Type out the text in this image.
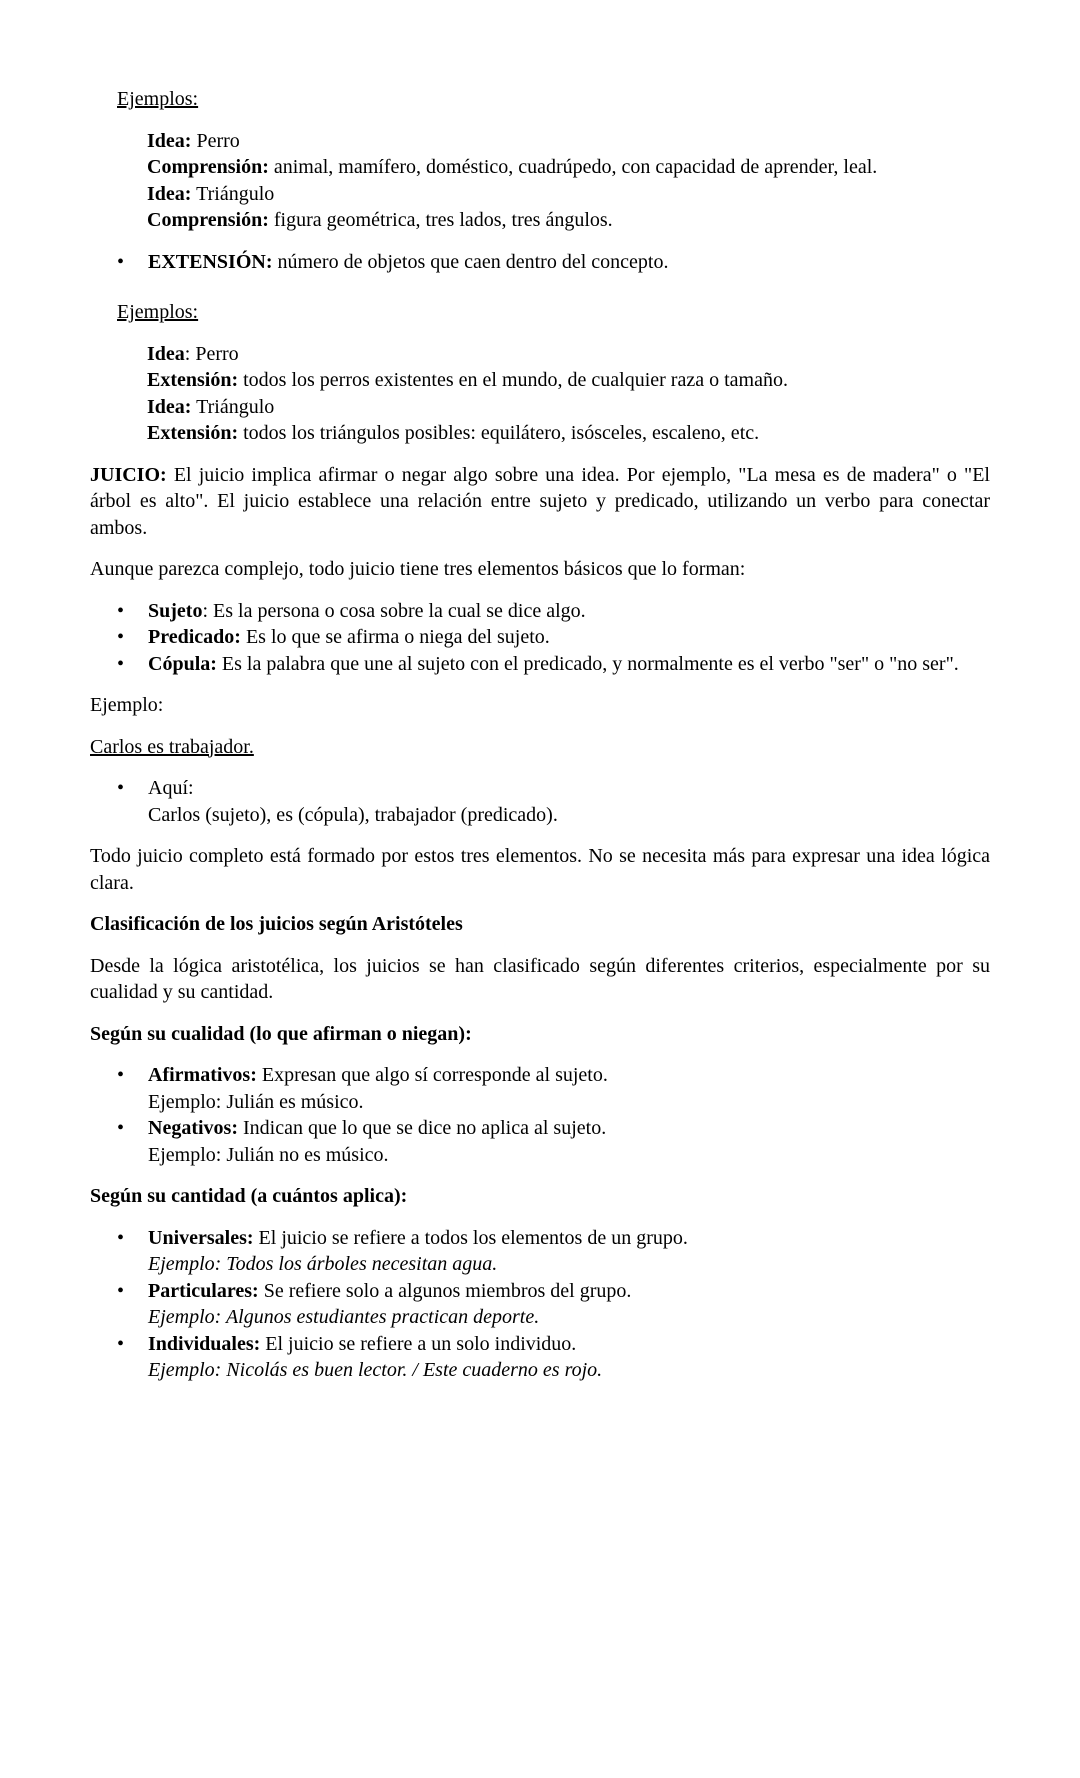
Ejemplos:

Idea: Perro

Comprensión: animal, mamífero, doméstico, cuadrúpedo, con capacidad de aprender, leal.

Idea: Triángulo

Comprensión: figura geométrica, tres lados, tres ángulos.

•	EXTENSIÓN: número de objetos que caen dentro del concepto.

Ejemplos:

Idea: Perro

Extensión: todos los perros existentes en el mundo, de cualquier raza o tamaño.

Idea: Triángulo

Extensión: todos los triángulos posibles: equilátero, isósceles, escaleno, etc.

JUICIO: El juicio implica afirmar o negar algo sobre una idea. Por ejemplo, "La mesa es de madera" o "El árbol es alto". El juicio establece una relación entre sujeto y predicado, utilizando un verbo para conectar ambos.

Aunque parezca complejo, todo juicio tiene tres elementos básicos que lo forman:

•	Sujeto: Es la persona o cosa sobre la cual se dice algo.

•	Predicado: Es lo que se afirma o niega del sujeto.

•	Cópula: Es la palabra que une al sujeto con el predicado, y normalmente es el verbo "ser" o "no ser".

Ejemplo:

Carlos es trabajador.

•	Aquí:

Carlos (sujeto), es (cópula), trabajador (predicado).

Todo juicio completo está formado por estos tres elementos. No se necesita más para expresar una idea lógica clara.

Clasificación de los juicios según Aristóteles

Desde la lógica aristotélica, los juicios se han clasificado según diferentes criterios, especialmente por su cualidad y su cantidad.

Según su cualidad (lo que afirman o niegan):

•	Afirmativos: Expresan que algo sí corresponde al sujeto.

Ejemplo: Julián es músico.

•	Negativos: Indican que lo que se dice no aplica al sujeto.

Ejemplo: Julián no es músico.

Según su cantidad (a cuántos aplica):

•	Universales: El juicio se refiere a todos los elementos de un grupo.

Ejemplo: Todos los árboles necesitan agua.

•	Particulares: Se refiere solo a algunos miembros del grupo.

Ejemplo: Algunos estudiantes practican deporte.

•	Individuales: El juicio se refiere a un solo individuo.

Ejemplo: Nicolás es buen lector. / Este cuaderno es rojo.
